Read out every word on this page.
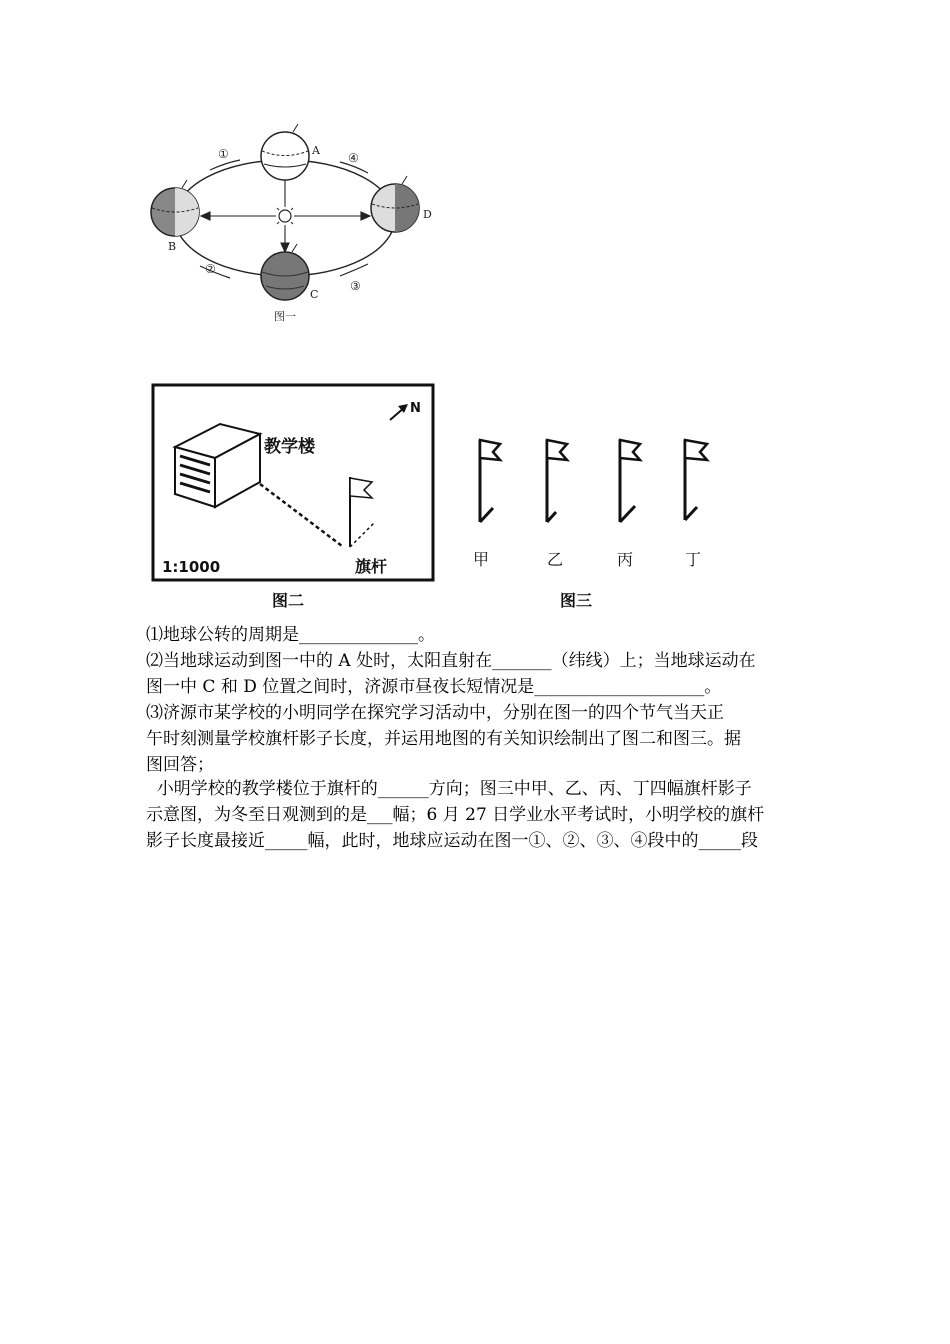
A
B
C
D
①
②
③
④
图一
N
教学楼
1:1000	旗杆
图二
甲	乙	丙	丁
图三
⑴地球公转的周期是______________。
⑵当地球运动到图一中的 A 处时，太阳直射在_______（纬线）上；当地球运动在
图一中 C 和 D 位置之间时，济源市昼夜长短情况是____________________。
⑶济源市某学校的小明同学在探究学习活动中，分别在图一的四个节气当天正
午时刻测量学校旗杆影子长度，并运用地图的有关知识绘制出了图二和图三。据
图回答；
小明学校的教学楼位于旗杆的______方向；图三中甲、乙、丙、丁四幅旗杆影子
示意图，为冬至日观测到的是___幅；6 月 27 日学业水平考试时，小明学校的旗杆
影子长度最接近_____幅，此时，地球应运动在图一①、②、③、④段中的_____段
